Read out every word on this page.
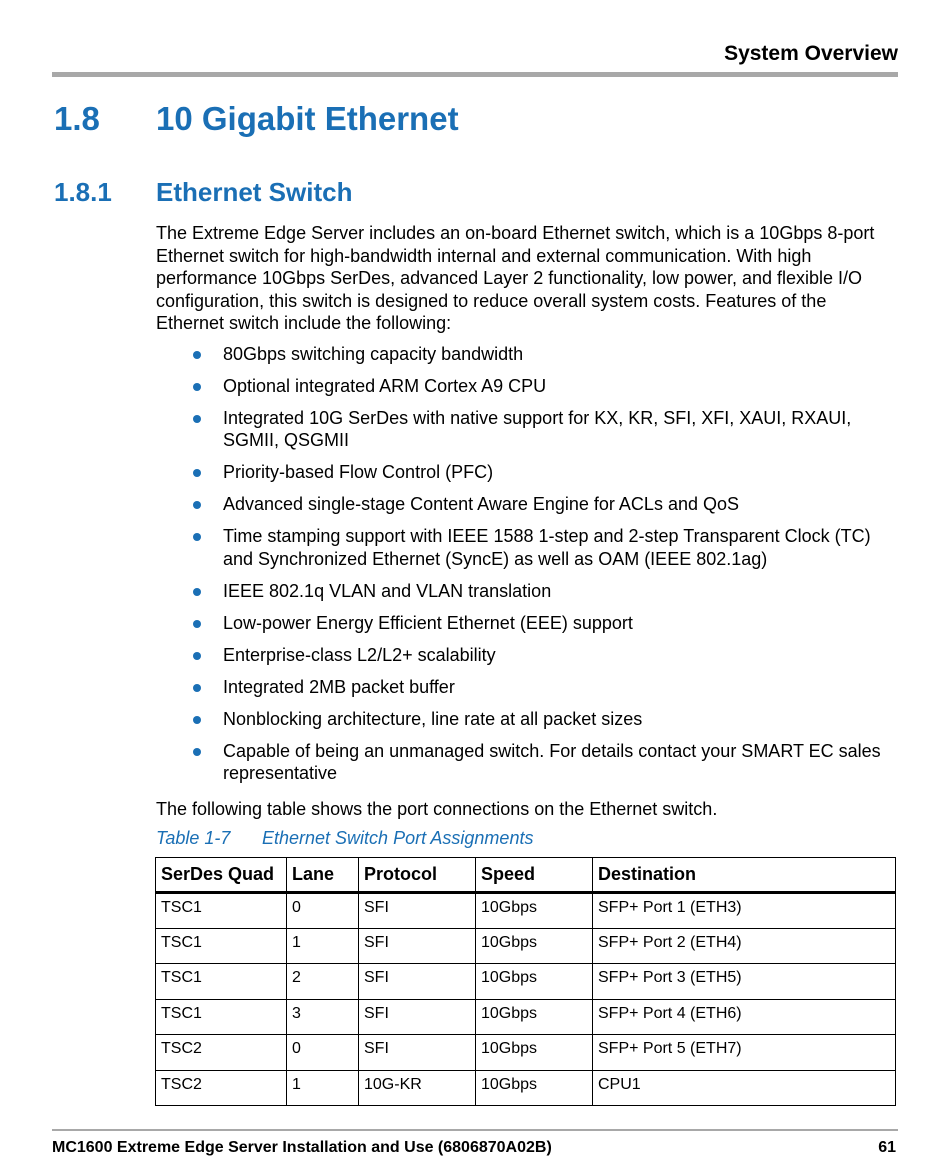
System Overview
1.8 10 Gigabit Ethernet
1.8.1 Ethernet Switch

The Extreme Edge Server includes an on-board Ethernet switch, which is a 10Gbps 8-port Ethernet switch for high-bandwidth internal and external communication. With high performance 10Gbps SerDes, advanced Layer 2 functionality, low power, and flexible I/O configuration, this switch is designed to reduce overall system costs. Features of the Ethernet switch include the following:

80Gbps switching capacity bandwidth
Optional integrated ARM Cortex A9 CPU
Integrated 10G SerDes with native support for KX, KR, SFI, XFI, XAUI, RXAUI, SGMII, QSGMII
Priority-based Flow Control (PFC)
Advanced single-stage Content Aware Engine for ACLs and QoS
Time stamping support with IEEE 1588 1-step and 2-step Transparent Clock (TC) and Synchronized Ethernet (SyncE) as well as OAM (IEEE 802.1ag)
IEEE 802.1q VLAN and VLAN translation
Low-power Energy Efficient Ethernet (EEE) support
Enterprise-class L2/L2+ scalability
Integrated 2MB packet buffer
Nonblocking architecture, line rate at all packet sizes
Capable of being an unmanaged switch. For details contact your SMART EC sales representative

The following table shows the port connections on the Ethernet switch.

Table 1-7 Ethernet Switch Port Assignments
SerDes Quad	Lane	Protocol	Speed	Destination
TSC1	0	SFI	10Gbps	SFP+ Port 1 (ETH3)
TSC1	1	SFI	10Gbps	SFP+ Port 2 (ETH4)
TSC1	2	SFI	10Gbps	SFP+ Port 3 (ETH5)
TSC1	3	SFI	10Gbps	SFP+ Port 4 (ETH6)
TSC2	0	SFI	10Gbps	SFP+ Port 5 (ETH7)
TSC2	1	10G-KR	10Gbps	CPU1
MC1600 Extreme Edge Server Installation and Use (6806870A02B)	61
